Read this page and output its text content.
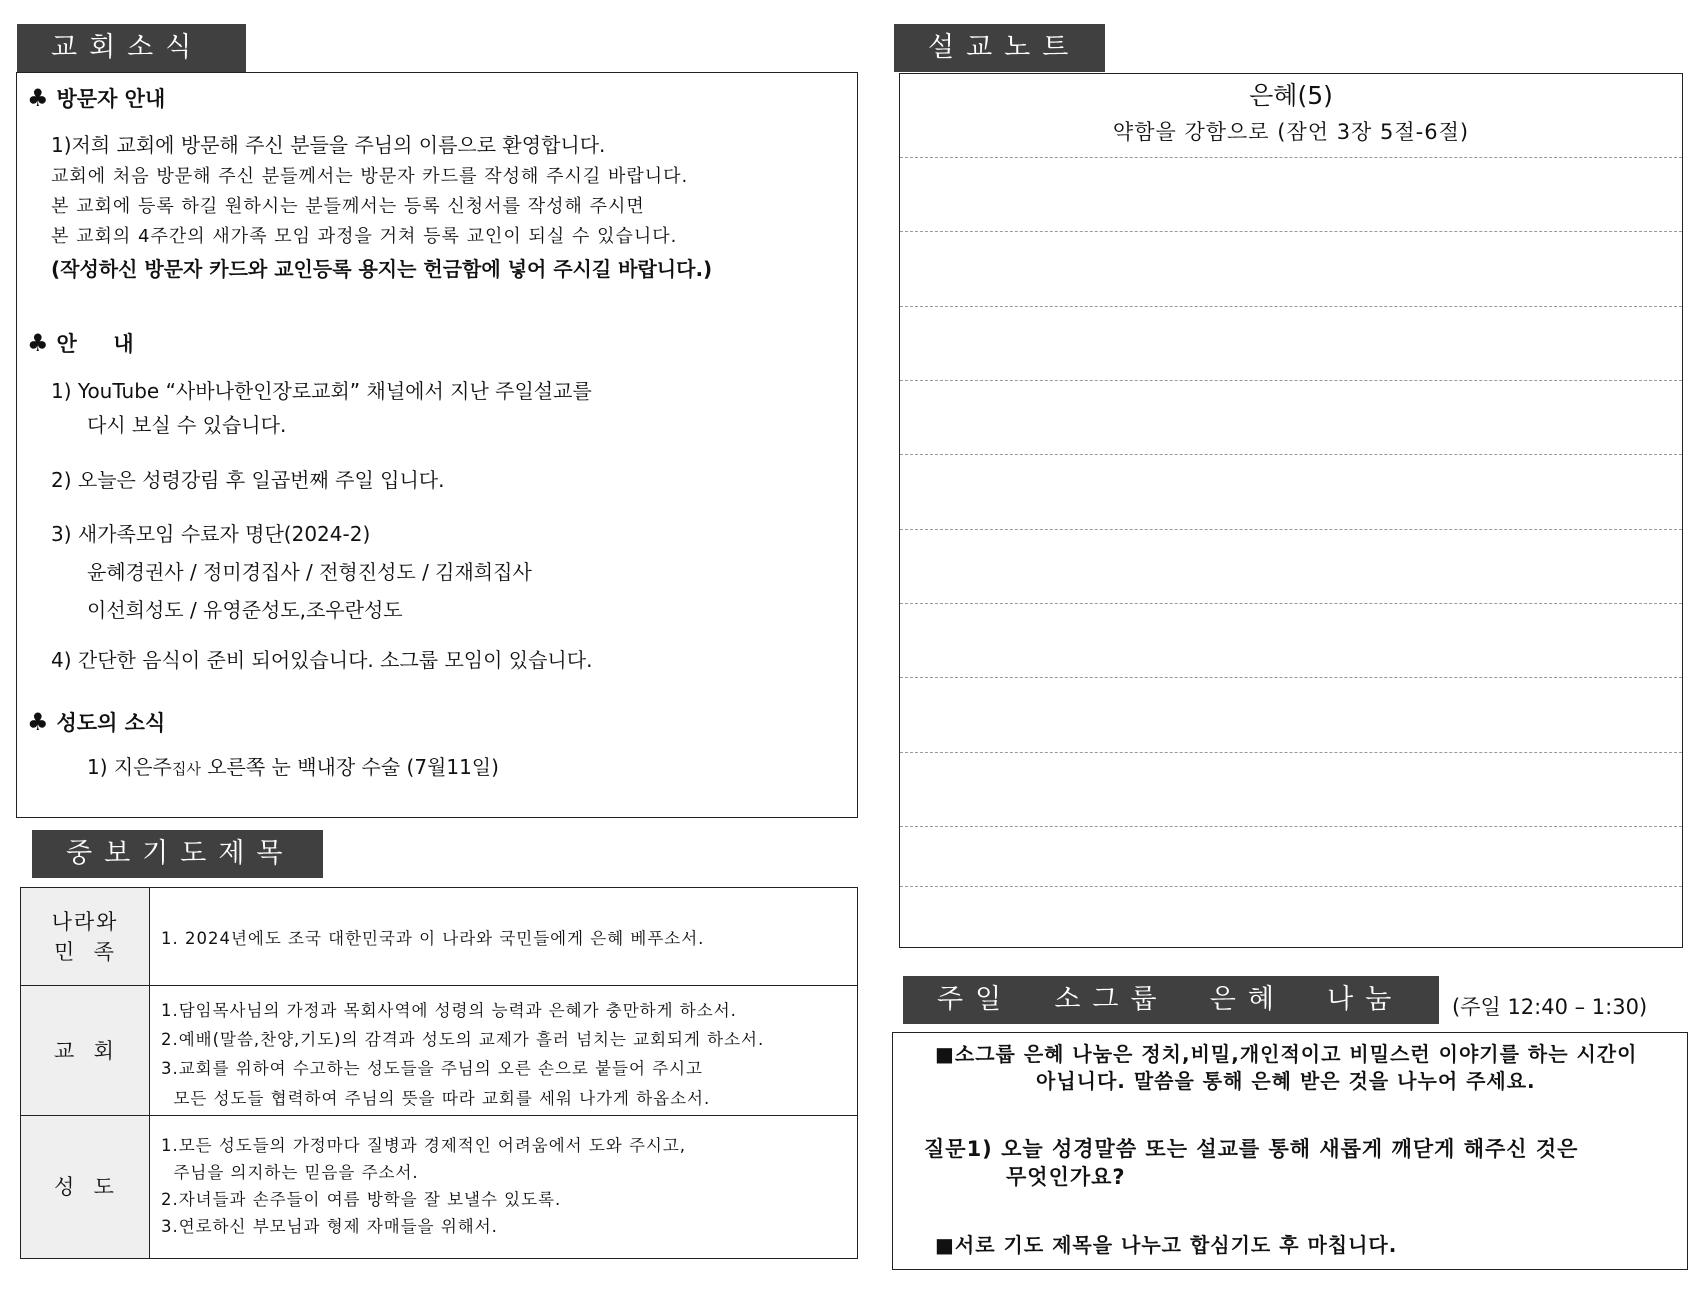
교회소식
♣ 방문자 안내
1)저희 교회에 방문해 주신 분들을 주님의 이름으로 환영합니다.
교회에 처음 방문해 주신 분들께서는 방문자 카드를 작성해 주시길 바랍니다.
본 교회에 등록 하길 원하시는 분들께서는 등록 신청서를 작성해 주시면
본 교회의 4주간의 새가족 모임 과정을 거쳐 등록 교인이 되실 수 있습니다.
(작성하신 방문자 카드와 교인등록 용지는 헌금함에 넣어 주시길 바랍니다.)
♣ 안     내
1) YouTube “사바나한인장로교회” 채널에서 지난 주일설교를
다시 보실 수 있습니다.
2) 오늘은 성령강림 후 일곱번째 주일 입니다.
3) 새가족모임 수료자 명단(2024-2)
윤혜경권사 / 정미경집사 / 전형진성도 / 김재희집사
이선희성도 / 유영준성도,조우란성도
4) 간단한 음식이 준비 되어있습니다. 소그룹 모임이 있습니다.
♣ 성도의 소식
1) 지은주집사 오른쪽 눈 백내장 수술 (7월11일)
중보기도제목
나라와
민  족
1. 2024년에도 조국 대한민국과 이 나라와 국민들에게 은혜 베푸소서.
교  회
1.담임목사님의 가정과 목회사역에 성령의 능력과 은혜가 충만하게 하소서.
2.예배(말씀,찬양,기도)의 감격과 성도의 교제가 흘러 넘치는 교회되게 하소서.
3.교회를 위하여 수고하는 성도들을 주님의 오른 손으로 붙들어 주시고
모든 성도들 협력하여 주님의 뜻을 따라 교회를 세워 나가게 하옵소서.
성  도
1.모든 성도들의 가정마다 질병과 경제적인 어려움에서 도와 주시고,
주님을 의지하는 믿음을 주소서.
2.자녀들과 손주들이 여름 방학을 잘 보낼수 있도록.
3.연로하신 부모님과 형제 자매들을 위해서.
설교노트
은혜(5)
약함을 강함으로 (잠언 3장 5절-6절)
주일  소그룹  은혜  나눔	(주일 12:40 – 1:30)
■소그룹 은혜 나눔은 정치,비밀,개인적이고 비밀스런 이야기를 하는 시간이
아닙니다. 말씀을 통해 은혜 받은 것을 나누어 주세요.
질문1) 오늘 성경말씀 또는 설교를 통해 새롭게 깨닫게 해주신 것은
무엇인가요?
■서로 기도 제목을 나누고 합심기도 후 마칩니다.
